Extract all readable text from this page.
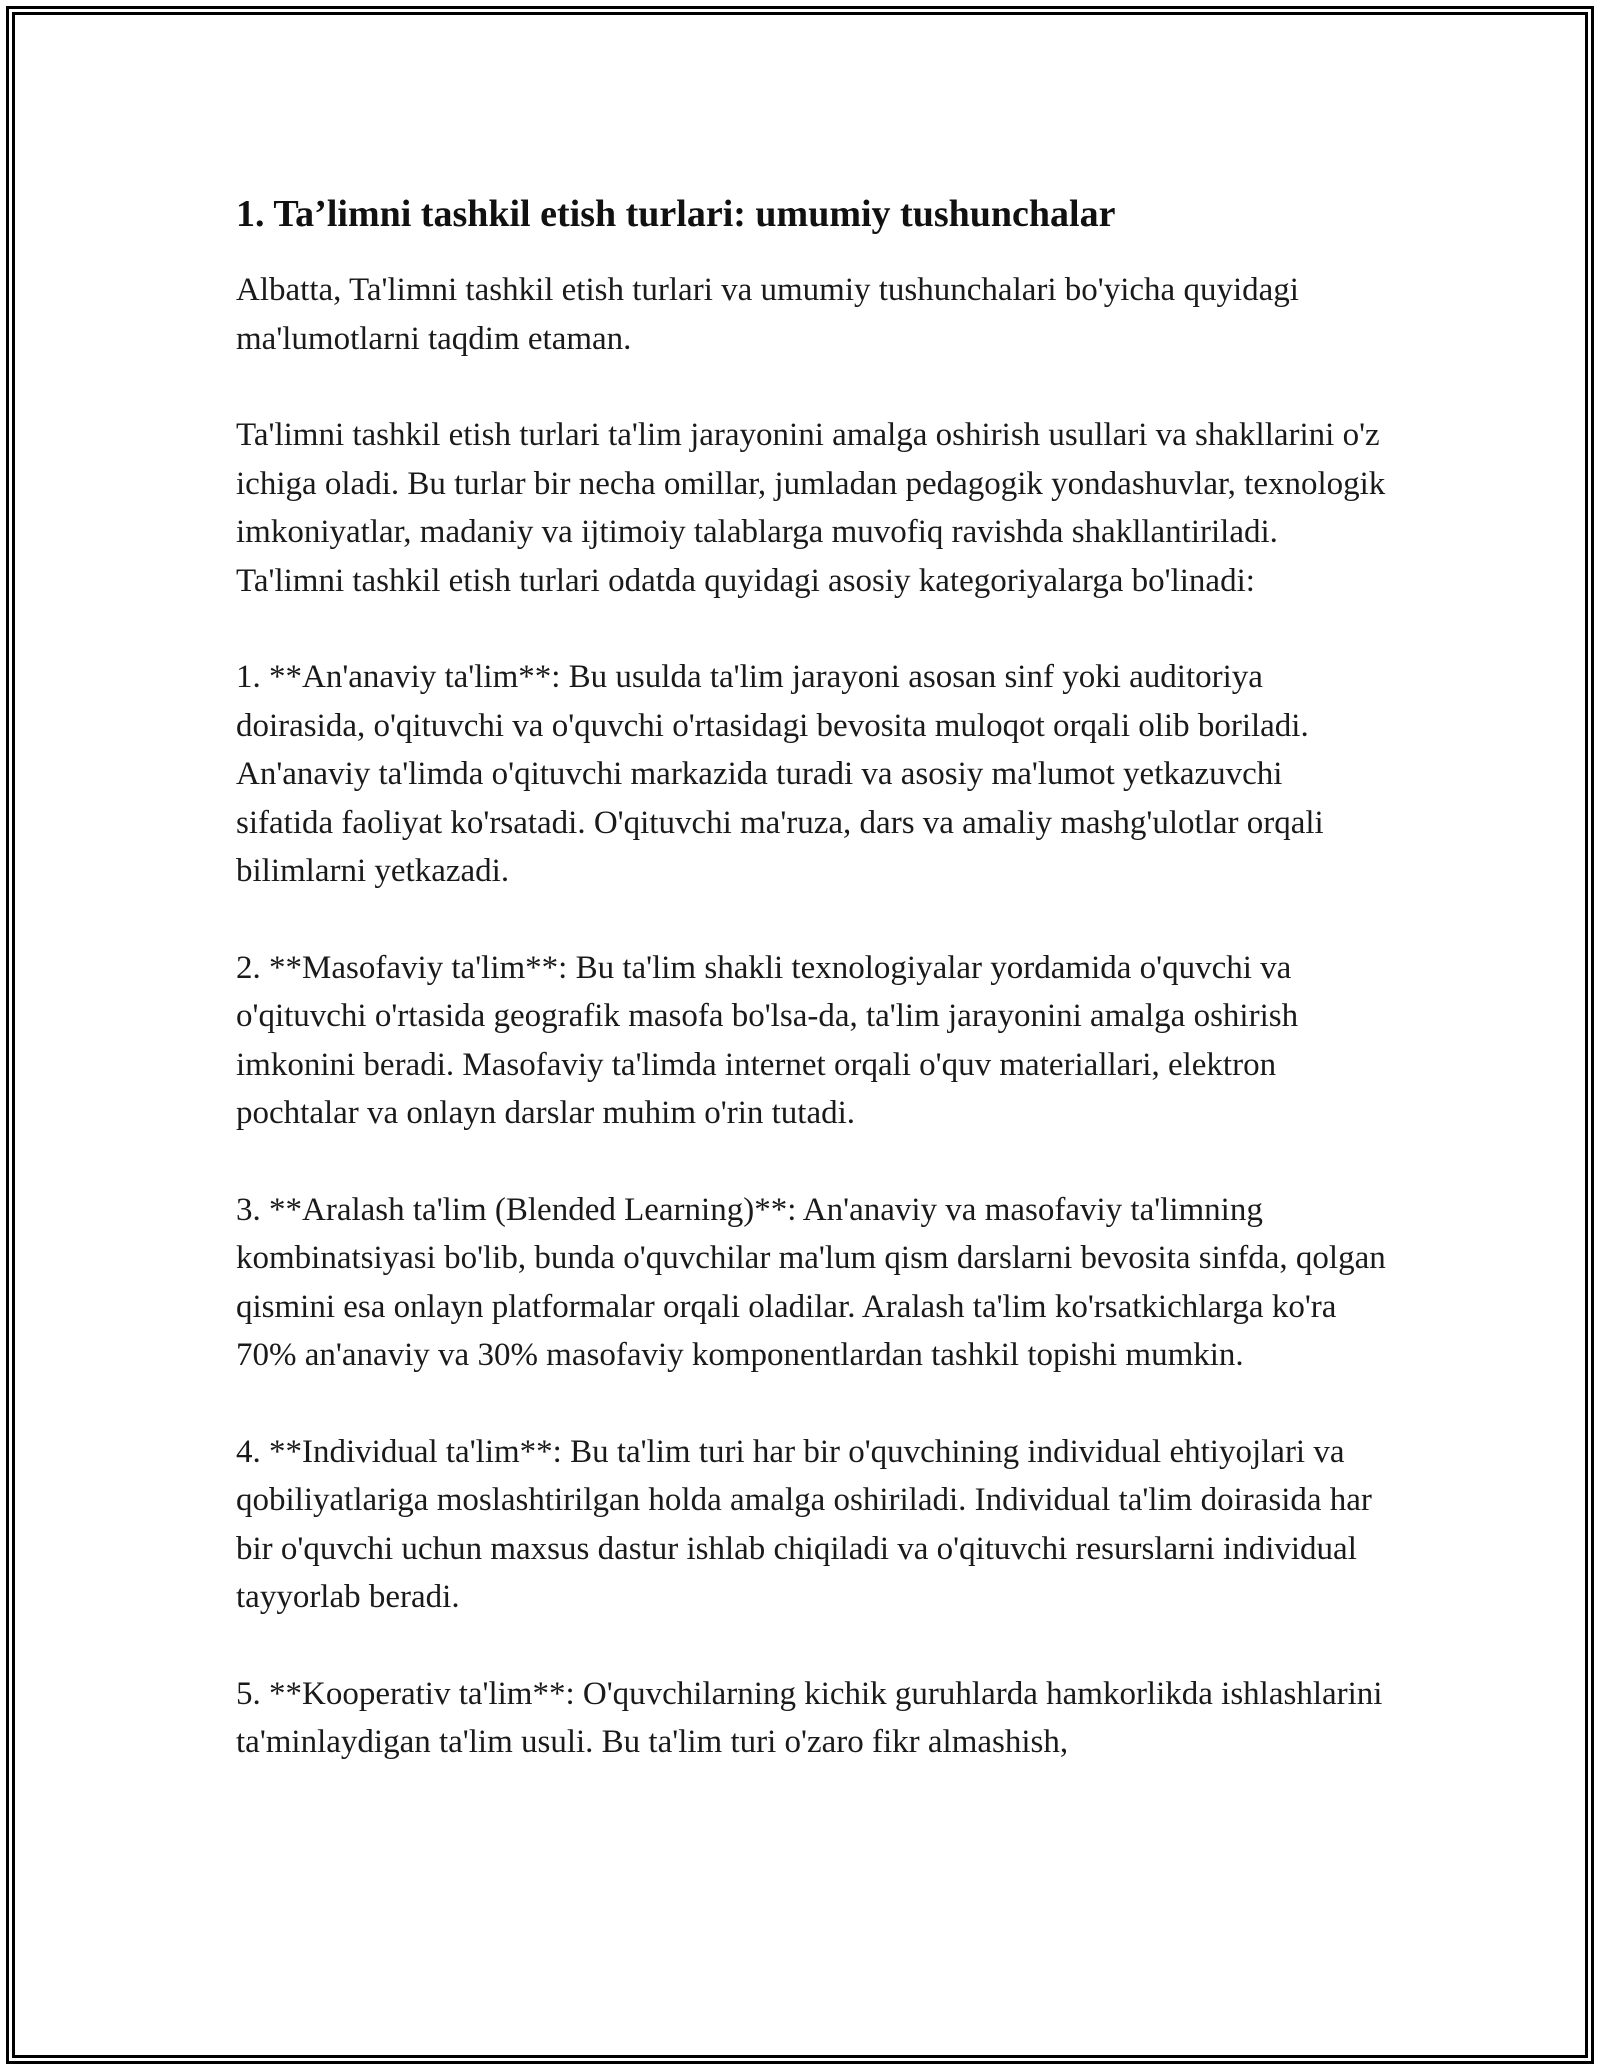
1. Ta’limni tashkil etish turlari: umumiy tushunchalar

Albatta, Ta'limni tashkil etish turlari va umumiy tushunchalari bo'yicha quyidagi ma'lumotlarni taqdim etaman.

Ta'limni tashkil etish turlari ta'lim jarayonini amalga oshirish usullari va shakllarini o'z ichiga oladi. Bu turlar bir necha omillar, jumladan pedagogik yondashuvlar, texnologik imkoniyatlar, madaniy va ijtimoiy talablarga muvofiq ravishda shakllantiriladi. Ta'limni tashkil etish turlari odatda quyidagi asosiy kategoriyalarga bo'linadi:

1. **An'anaviy ta'lim**: Bu usulda ta'lim jarayoni asosan sinf yoki auditoriya doirasida, o'qituvchi va o'quvchi o'rtasidagi bevosita muloqot orqali olib boriladi. An'anaviy ta'limda o'qituvchi markazida turadi va asosiy ma'lumot yetkazuvchi sifatida faoliyat ko'rsatadi. O'qituvchi ma'ruza, dars va amaliy mashg'ulotlar orqali bilimlarni yetkazadi.

2. **Masofaviy ta'lim**: Bu ta'lim shakli texnologiyalar yordamida o'quvchi va o'qituvchi o'rtasida geografik masofa bo'lsa-da, ta'lim jarayonini amalga oshirish imkonini beradi. Masofaviy ta'limda internet orqali o'quv materiallari, elektron pochtalar va onlayn darslar muhim o'rin tutadi.

3. **Aralash ta'lim (Blended Learning)**: An'anaviy va masofaviy ta'limning kombinatsiyasi bo'lib, bunda o'quvchilar ma'lum qism darslarni bevosita sinfda, qolgan qismini esa onlayn platformalar orqali oladilar. Aralash ta'lim ko'rsatkichlarga ko'ra 70% an'anaviy va 30% masofaviy komponentlardan tashkil topishi mumkin.

4. **Individual ta'lim**: Bu ta'lim turi har bir o'quvchining individual ehtiyojlari va qobiliyatlariga moslashtirilgan holda amalga oshiriladi. Individual ta'lim doirasida har bir o'quvchi uchun maxsus dastur ishlab chiqiladi va o'qituvchi resurslarni individual tayyorlab beradi.

5. **Kooperativ ta'lim**: O'quvchilarning kichik guruhlarda hamkorlikda ishlashlarini ta'minlaydigan ta'lim usuli. Bu ta'lim turi o'zaro fikr almashish,
